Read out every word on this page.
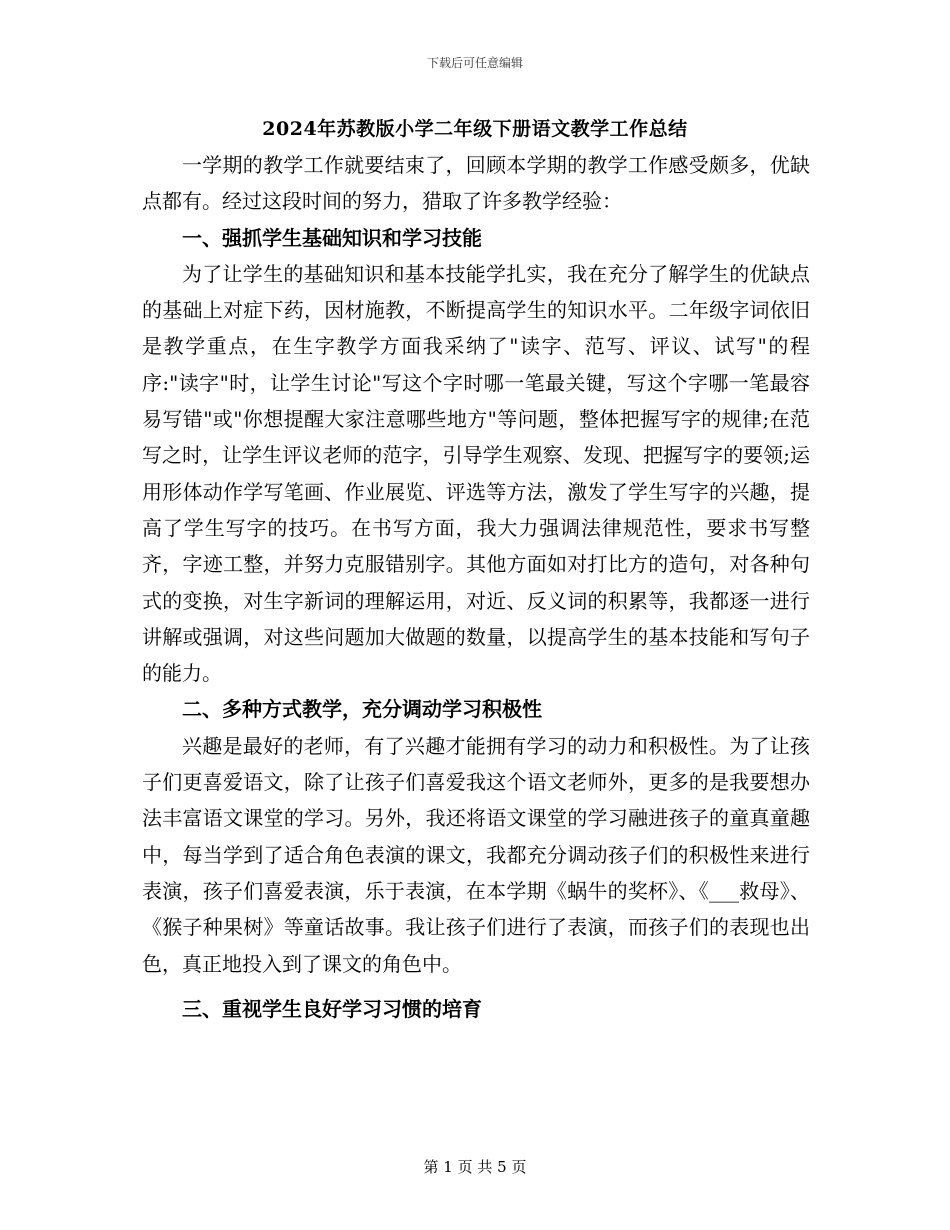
下载后可任意编辑
2024年苏教版小学二年级下册语文教学工作总结

一学期的教学工作就要结束了，回顾本学期的教学工作感受颇多，优缺点都有。经过这段时间的努力，猎取了许多教学经验：

一、强抓学生基础知识和学习技能

为了让学生的基础知识和基本技能学扎实，我在充分了解学生的优缺点的基础上对症下药，因材施教，不断提高学生的知识水平。二年级字词依旧是教学重点，在生字教学方面我采纳了"读字、范写、评议、试写"的程序:"读字"时，让学生讨论"写这个字时哪一笔最关键，写这个字哪一笔最容易写错"或"你想提醒大家注意哪些地方"等问题，整体把握写字的规律;在范写之时，让学生评议老师的范字，引导学生观察、发现、把握写字的要领;运用形体动作学写笔画、作业展览、评选等方法，激发了学生写字的兴趣，提高了学生写字的技巧。在书写方面，我大力强调法律规范性，要求书写整齐，字迹工整，并努力克服错别字。其他方面如对打比方的造句，对各种句式的变换，对生字新词的理解运用，对近、反义词的积累等，我都逐一进行讲解或强调，对这些问题加大做题的数量，以提高学生的基本技能和写句子的能力。

二、多种方式教学，充分调动学习积极性

兴趣是最好的老师，有了兴趣才能拥有学习的动力和积极性。为了让孩子们更喜爱语文，除了让孩子们喜爱我这个语文老师外，更多的是我要想办法丰富语文课堂的学习。另外，我还将语文课堂的学习融进孩子的童真童趣中，每当学到了适合角色表演的课文，我都充分调动孩子们的积极性来进行表演，孩子们喜爱表演，乐于表演，在本学期《蜗牛的奖杯》、《___救母》、《猴子种果树》等童话故事。我让孩子们进行了表演，而孩子们的表现也出色，真正地投入到了课文的角色中。

三、重视学生良好学习习惯的培育

第 1 页 共 5 页
